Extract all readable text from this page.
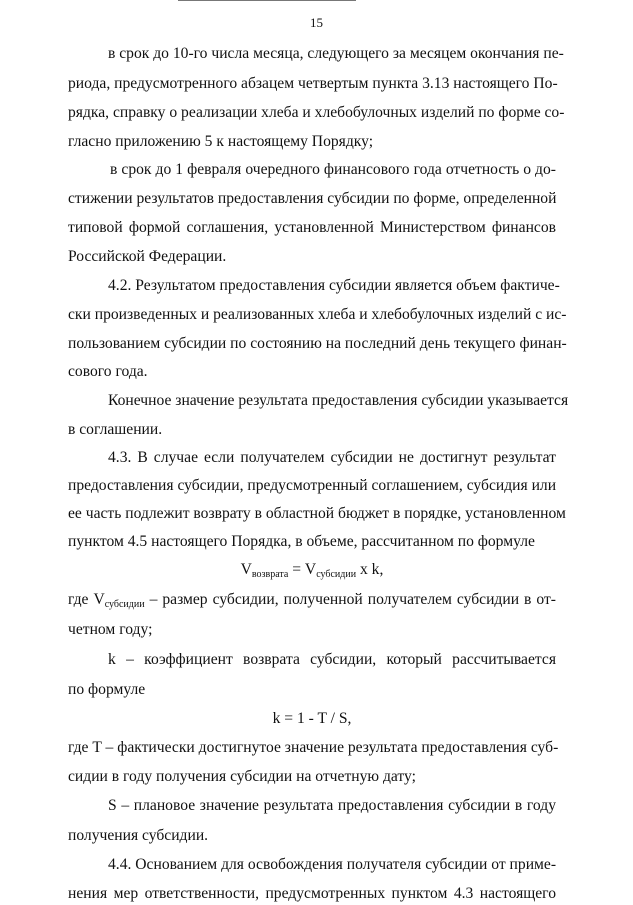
15
в срок до 10-го числа месяца, следующего за месяцем окончания пе-
риода, предусмотренного абзацем четвертым пункта 3.13 настоящего По-
рядка, справку о реализации хлеба и хлебобулочных изделий по форме со-
гласно приложению 5 к настоящему Порядку;
в срок до 1 февраля очередного финансового года отчетность о до-
стижении результатов предоставления субсидии по форме, определенной
типовой формой соглашения, установленной Министерством финансов
Российской Федерации.
4.2. Результатом предоставления субсидии является объем фактиче-
ски произведенных и реализованных хлеба и хлебобулочных изделий с ис-
пользованием субсидии по состоянию на последний день текущего финан-
сового года.
Конечное значение результата предоставления субсидии указывается
в соглашении.
4.3. В случае если получателем субсидии не достигнут результат
предоставления субсидии, предусмотренный соглашением, субсидия или
ее часть подлежит возврату в областной бюджет в порядке, установленном
пунктом 4.5 настоящего Порядка, в объеме, рассчитанном по формуле
$V_{возврата} = V_{субсидии}$ x k,
где $V_{субсидии}$ – размер субсидии, полученной получателем субсидии в от-
четном году;
k – коэффициент возврата субсидии, который рассчитывается
по формуле
k = 1 - T / S,
где T – фактически достигнутое значение результата предоставления суб-
сидии в году получения субсидии на отчетную дату;
S – плановое значение результата предоставления субсидии в году
получения субсидии.
4.4. Основанием для освобождения получателя субсидии от приме-
нения мер ответственности, предусмотренных пунктом 4.3 настоящего
